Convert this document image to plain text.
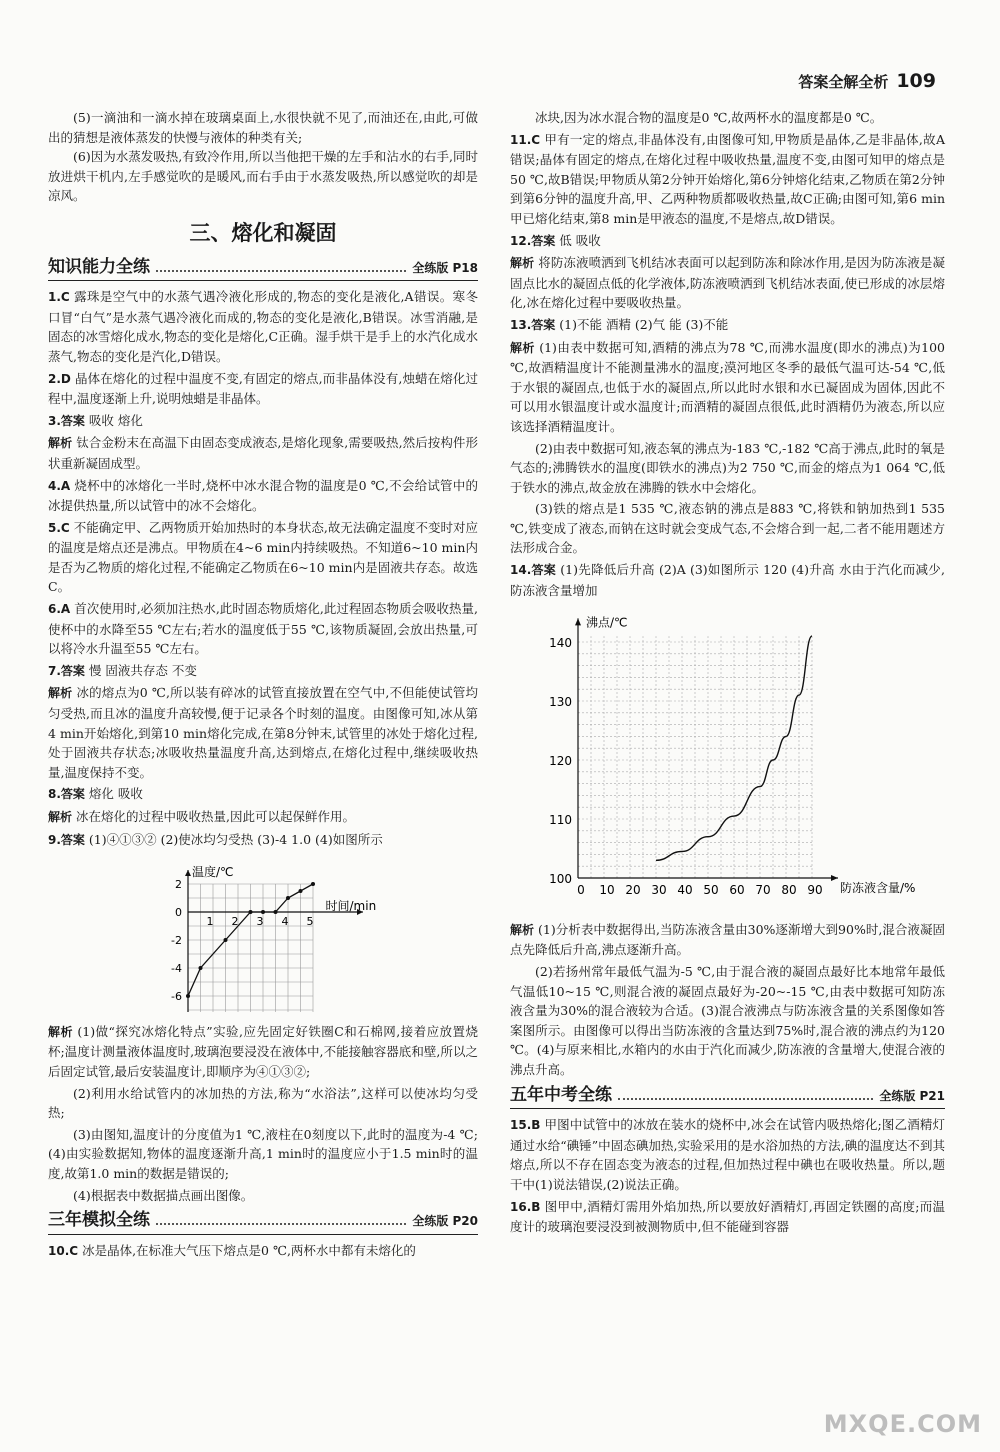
答案全解全析 109

(5)一滴油和一滴水掉在玻璃桌面上,水很快就不见了,而油还在,由此,可做出的猜想是液体蒸发的快慢与液体的种类有关;

(6)因为水蒸发吸热,有致冷作用,所以当他把干燥的左手和沾水的右手,同时放进烘干机内,左手感觉吹的是暖风,而右手由于水蒸发吸热,所以感觉吹的却是凉风。

三、熔化和凝固
知识能力全练	全练版 P18

1.C 露珠是空气中的水蒸气遇冷液化形成的,物态的变化是液化,A错误。寒冬口冒“白气”是水蒸气遇冷液化而成的,物态的变化是液化,B错误。冰雪消融,是固态的冰雪熔化成水,物态的变化是熔化,C正确。湿手烘干是手上的水汽化成水蒸气,物态的变化是汽化,D错误。

2.D 晶体在熔化的过程中温度不变,有固定的熔点,而非晶体没有,烛蜡在熔化过程中,温度逐渐上升,说明烛蜡是非晶体。

3.答案 吸收 熔化

解析 钛合金粉末在高温下由固态变成液态,是熔化现象,需要吸热,然后按构件形状重新凝固成型。

4.A 烧杯中的冰熔化一半时,烧杯中冰水混合物的温度是0 ℃,不会给试管中的冰提供热量,所以试管中的冰不会熔化。

5.C 不能确定甲、乙两物质开始加热时的本身状态,故无法确定温度不变时对应的温度是熔点还是沸点。甲物质在4~6 min内持续吸热。不知道6~10 min内是否为乙物质的熔化过程,不能确定乙物质在6~10 min内是固液共存态。故选C。

6.A 首次使用时,必须加注热水,此时固态物质熔化,此过程固态物质会吸收热量,使杯中的水降至55 ℃左右;若水的温度低于55 ℃,该物质凝固,会放出热量,可以将冷水升温至55 ℃左右。

7.答案 慢 固液共存态 不变

解析 冰的熔点为0 ℃,所以装有碎冰的试管直接放置在空气中,不但能使试管均匀受热,而且冰的温度升高较慢,便于记录各个时刻的温度。由图像可知,冰从第4 min开始熔化,到第10 min熔化完成,在第8分钟末,试管里的冰处于熔化过程,处于固液共存状态;冰吸收热量温度升高,达到熔点,在熔化过程中,继续吸收热量,温度保持不变。

8.答案 熔化 吸收

解析 冰在熔化的过程中吸收热量,因此可以起保鲜作用。

9.答案 (1)④①③② (2)使冰均匀受热 (3)-4 1.0 (4)如图所示

温度/℃
时间/min
2
0
-2
-4
-6
1 2 3 4 5

解析 (1)做“探究冰熔化特点”实验,应先固定好铁圈C和石棉网,接着应放置烧杯;温度计测量液体温度时,玻璃泡要浸没在液体中,不能接触容器底和壁,所以之后固定试管,最后安装温度计,即顺序为④①③②;

(2)利用水给试管内的冰加热的方法,称为“水浴法”,这样可以使冰均匀受热;

(3)由图知,温度计的分度值为1 ℃,液柱在0刻度以下,此时的温度为-4 ℃;(4)由实验数据知,物体的温度逐渐升高,1 min时的温度应小于1.5 min时的温度,故第1.0 min的数据是错误的;

(4)根据表中数据描点画出图像。

三年模拟全练	全练版 P20

10.C 冰是晶体,在标准大气压下熔点是0 ℃,两杯水中都有未熔化的

冰块,因为冰水混合物的温度是0 ℃,故两杯水的温度都是0 ℃。

11.C 甲有一定的熔点,非晶体没有,由图像可知,甲物质是晶体,乙是非晶体,故A错误;晶体有固定的熔点,在熔化过程中吸收热量,温度不变,由图可知甲的熔点是50 ℃,故B错误;甲物质从第2分钟开始熔化,第6分钟熔化结束,乙物质在第2分钟到第6分钟的温度升高,甲、乙两种物质都吸收热量,故C正确;由图可知,第6 min甲已熔化结束,第8 min是甲液态的温度,不是熔点,故D错误。

12.答案 低 吸收

解析 将防冻液喷洒到飞机结冰表面可以起到防冻和除冰作用,是因为防冻液是凝固点比水的凝固点低的化学液体,防冻液喷洒到飞机结冰表面,使已形成的冰层熔化,冰在熔化过程中要吸收热量。

13.答案 (1)不能 酒精 (2)气 能 (3)不能

解析 (1)由表中数据可知,酒精的沸点为78 ℃,而沸水温度(即水的沸点)为100 ℃,故酒精温度计不能测量沸水的温度;漠河地区冬季的最低气温可达-54 ℃,低于水银的凝固点,也低于水的凝固点,所以此时水银和水已凝固成为固体,因此不可以用水银温度计或水温度计;而酒精的凝固点很低,此时酒精仍为液态,所以应该选择酒精温度计。

(2)由表中数据可知,液态氧的沸点为-183 ℃,-182 ℃高于沸点,此时的氧是气态的;沸腾铁水的温度(即铁水的沸点)为2 750 ℃,而金的熔点为1 064 ℃,低于铁水的沸点,故金放在沸腾的铁水中会熔化。

(3)铁的熔点是1 535 ℃,液态钠的沸点是883 ℃,将铁和钠加热到1 535 ℃,铁变成了液态,而钠在这时就会变成气态,不会熔合到一起,二者不能用题述方法形成合金。

14.答案 (1)先降低后升高 (2)A (3)如图所示 120 (4)升高 水由于汽化而减少,防冻液含量增加

沸点/℃
防冻液含量/%
100
110
120
130
140
0 10 20 30 40 50 60 70 80 90

解析 (1)分析表中数据得出,当防冻液含量由30%逐渐增大到90%时,混合液凝固点先降低后升高,沸点逐渐升高。

(2)若扬州常年最低气温为-5 ℃,由于混合液的凝固点最好比本地常年最低气温低10~15 ℃,则混合液的凝固点最好为-20~-15 ℃,由表中数据可知防冻液含量为30%的混合液较为合适。(3)混合液沸点与防冻液含量的关系图像如答案图所示。由图像可以得出当防冻液的含量达到75%时,混合液的沸点约为120 ℃。(4)与原来相比,水箱内的水由于汽化而减少,防冻液的含量增大,使混合液的沸点升高。

五年中考全练	全练版 P21

15.B 甲图中试管中的冰放在装水的烧杯中,冰会在试管内吸热熔化;图乙酒精灯通过水给“碘锤”中固态碘加热,实验采用的是水浴加热的方法,碘的温度达不到其熔点,所以不存在固态变为液态的过程,但加热过程中碘也在吸收热量。所以,题干中(1)说法错误,(2)说法正确。

16.B 图甲中,酒精灯需用外焰加热,所以要放好酒精灯,再固定铁圈的高度;而温度计的玻璃泡要浸没到被测物质中,但不能碰到容器

MXQE.COM
